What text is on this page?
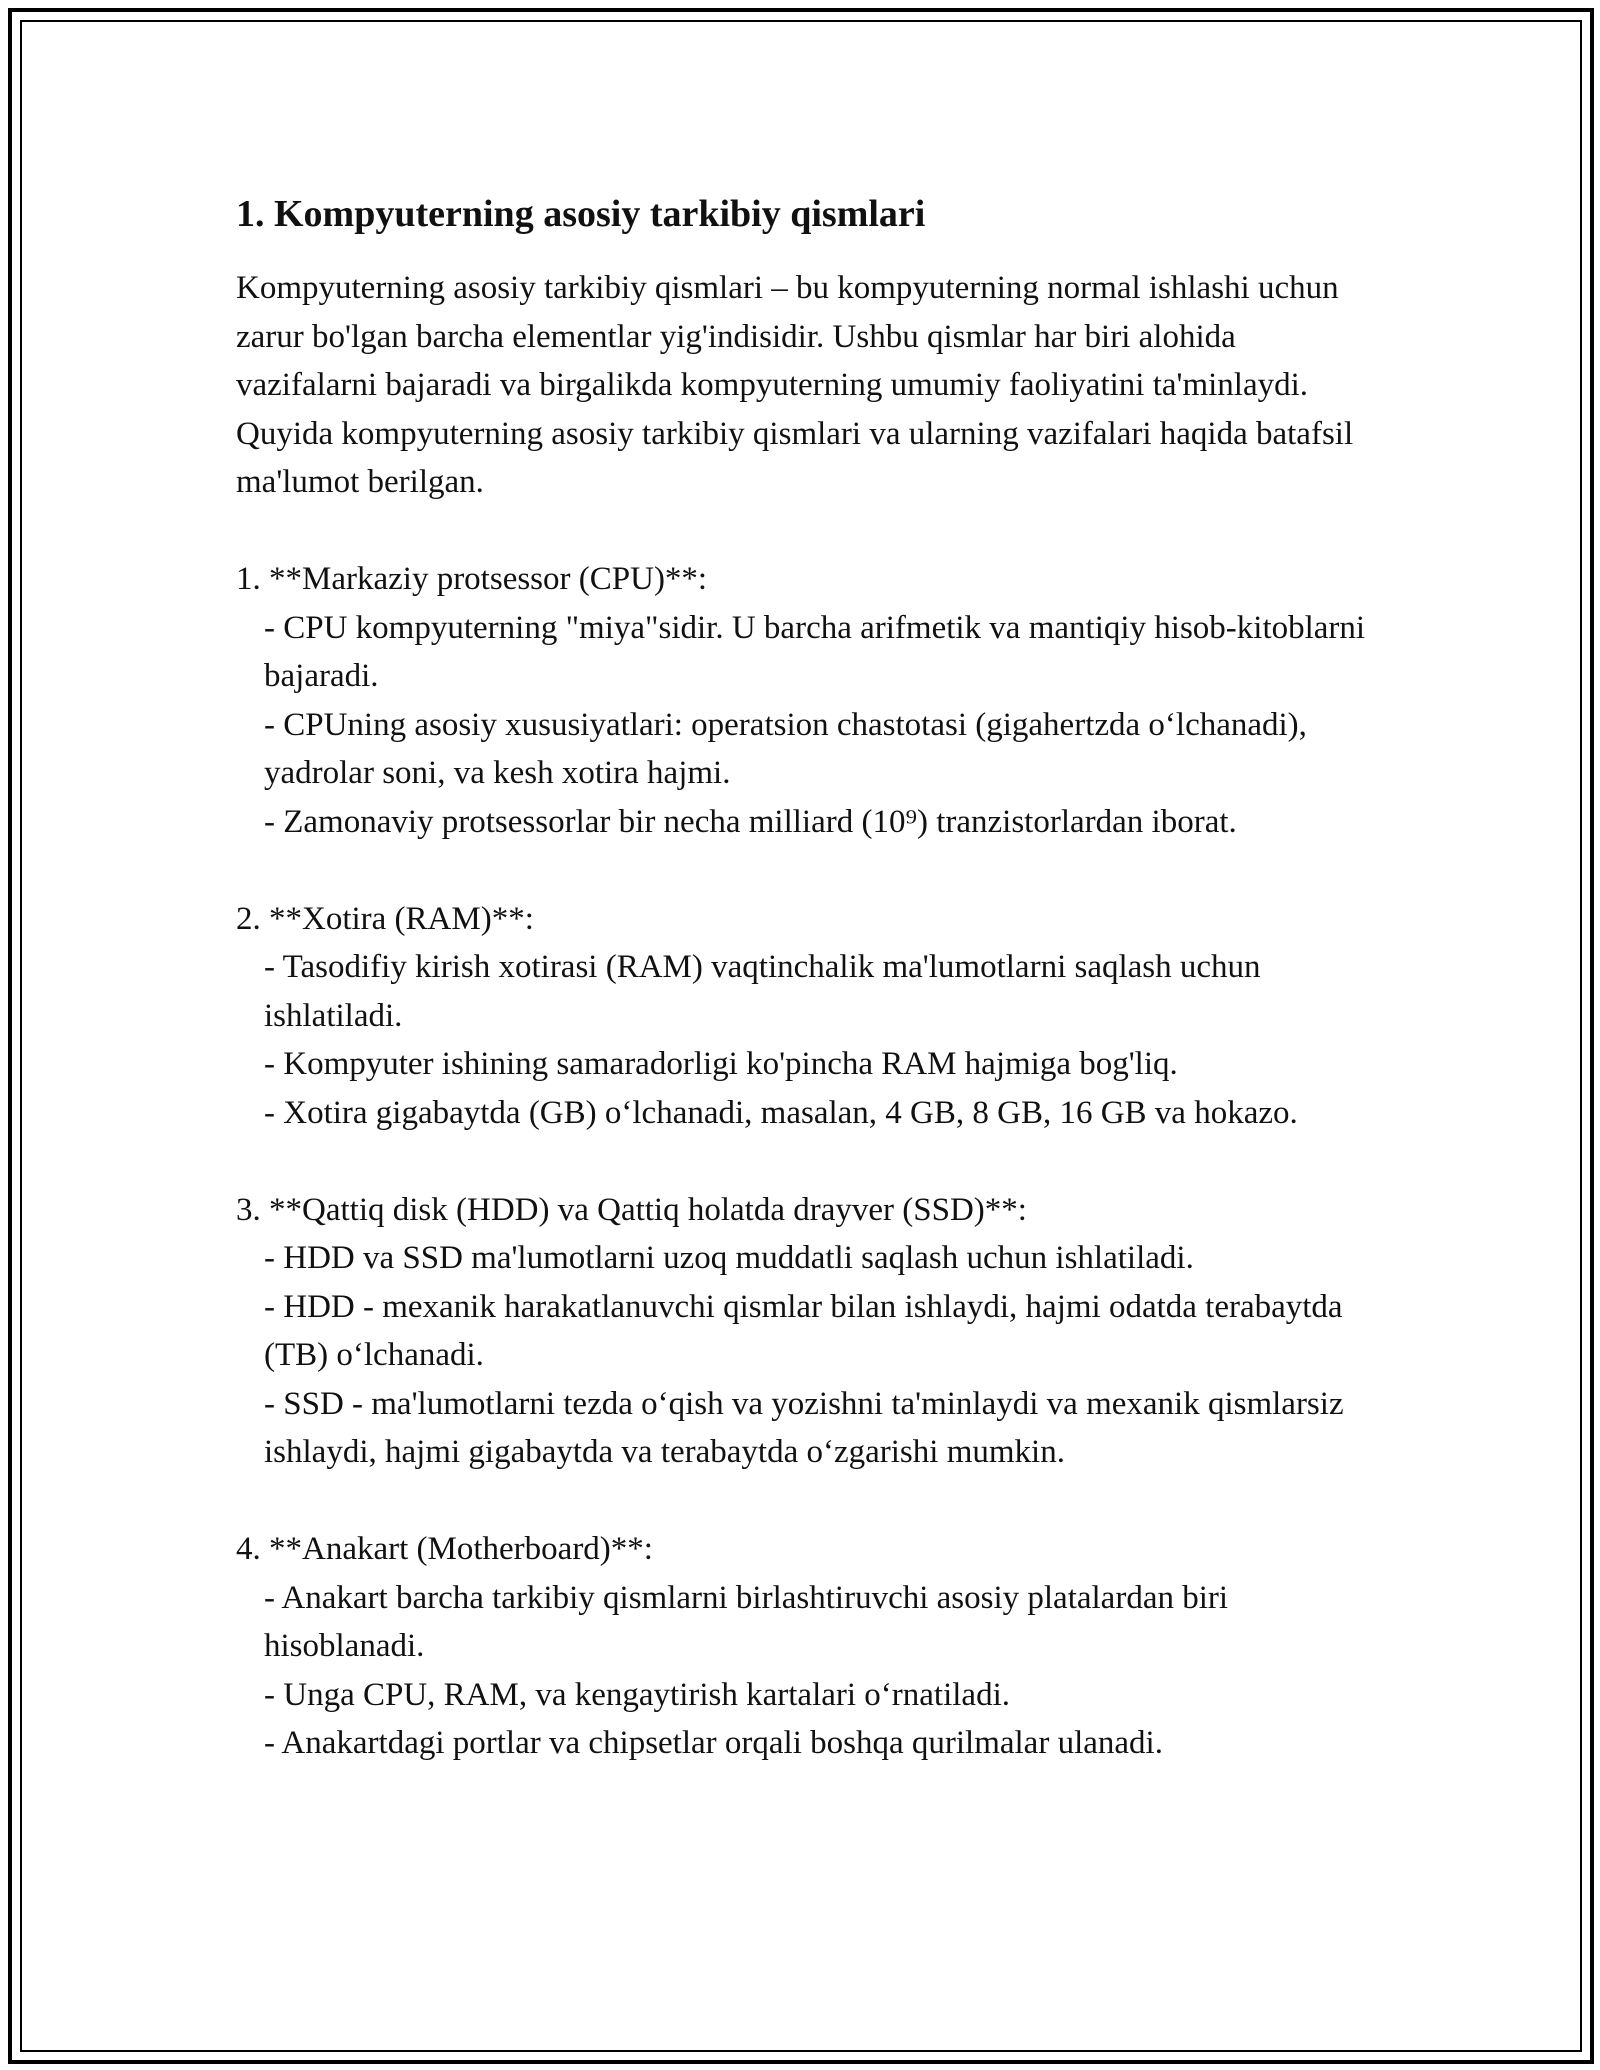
1. Kompyuterning asosiy tarkibiy qismlari

Kompyuterning asosiy tarkibiy qismlari – bu kompyuterning normal ishlashi uchun zarur bo'lgan barcha elementlar yig'indisidir. Ushbu qismlar har biri alohida vazifalarni bajaradi va birgalikda kompyuterning umumiy faoliyatini ta'minlaydi. Quyida kompyuterning asosiy tarkibiy qismlari va ularning vazifalari haqida batafsil ma'lumot berilgan.

1. **Markaziy protsessor (CPU)**:

- CPU kompyuterning "miya"sidir. U barcha arifmetik va mantiqiy hisob-kitoblarni bajaradi.

- CPUning asosiy xususiyatlari: operatsion chastotasi (gigahertzda o‘lchanadi), yadrolar soni, va kesh xotira hajmi.

- Zamonaviy protsessorlar bir necha milliard (10⁹) tranzistorlardan iborat.

2. **Xotira (RAM)**:

- Tasodifiy kirish xotirasi (RAM) vaqtinchalik ma'lumotlarni saqlash uchun ishlatiladi.

- Kompyuter ishining samaradorligi ko'pincha RAM hajmiga bog'liq.

- Xotira gigabaytda (GB) o‘lchanadi, masalan, 4 GB, 8 GB, 16 GB va hokazo.

3. **Qattiq disk (HDD) va Qattiq holatda drayver (SSD)**:

- HDD va SSD ma'lumotlarni uzoq muddatli saqlash uchun ishlatiladi.

- HDD - mexanik harakatlanuvchi qismlar bilan ishlaydi, hajmi odatda terabaytda (TB) o‘lchanadi.

- SSD - ma'lumotlarni tezda o‘qish va yozishni ta'minlaydi va mexanik qismlarsiz ishlaydi, hajmi gigabaytda va terabaytda o‘zgarishi mumkin.

4. **Anakart (Motherboard)**:

- Anakart barcha tarkibiy qismlarni birlashtiruvchi asosiy platalardan biri hisoblanadi.

- Unga CPU, RAM, va kengaytirish kartalari o‘rnatiladi.

- Anakartdagi portlar va chipsetlar orqali boshqa qurilmalar ulanadi.
